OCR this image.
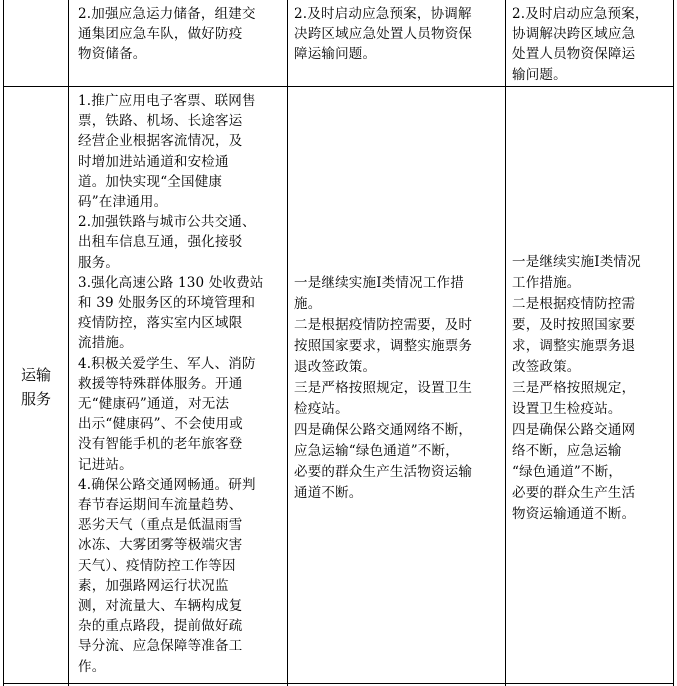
2.加强应急运力储备，组建交
通集团应急车队，做好防疫
物资储备。
2.及时启动应急预案，协调解
决跨区域应急处置人员物资保
障运输问题。
2.及时启动应急预案，
协调解决跨区域应急
处置人员物资保障运
输问题。
运输
服务
1.推广应用电子客票、联网售
票，铁路、机场、长途客运
经营企业根据客流情况，及
时增加进站通道和安检通
道。加快实现“全国健康
码”在津通用。
2.加强铁路与城市公共交通、
出租车信息互通，强化接驳
服务。
3.强化高速公路 130 处收费站
和 39 处服务区的环境管理和
疫情防控，落实室内区域限
流措施。
4.积极关爱学生、军人、消防
救援等特殊群体服务。开通
无“健康码”通道，对无法
出示“健康码”、不会使用或
没有智能手机的老年旅客登
记进站。
4.确保公路交通网畅通。研判
春节春运期间车流量趋势、
恶劣天气（重点是低温雨雪
冰冻、大雾团雾等极端灾害
天气）、疫情防控工作等因
素，加强路网运行状况监
测，对流量大、车辆构成复
杂的重点路段，提前做好疏
导分流、应急保障等准备工
作。
一是继续实施I类情况工作措
施。
二是根据疫情防控需要，及时
按照国家要求，调整实施票务
退改签政策。
三是严格按照规定，设置卫生
检疫站。
四是确保公路交通网络不断，
应急运输“绿色通道”不断，
必要的群众生产生活物资运输
通道不断。
一是继续实施I类情况
工作措施。
二是根据疫情防控需
要，及时按照国家要
求，调整实施票务退
改签政策。
三是严格按照规定，
设置卫生检疫站。
四是确保公路交通网
络不断，应急运输
“绿色通道”不断，
必要的群众生产生活
物资运输通道不断。
